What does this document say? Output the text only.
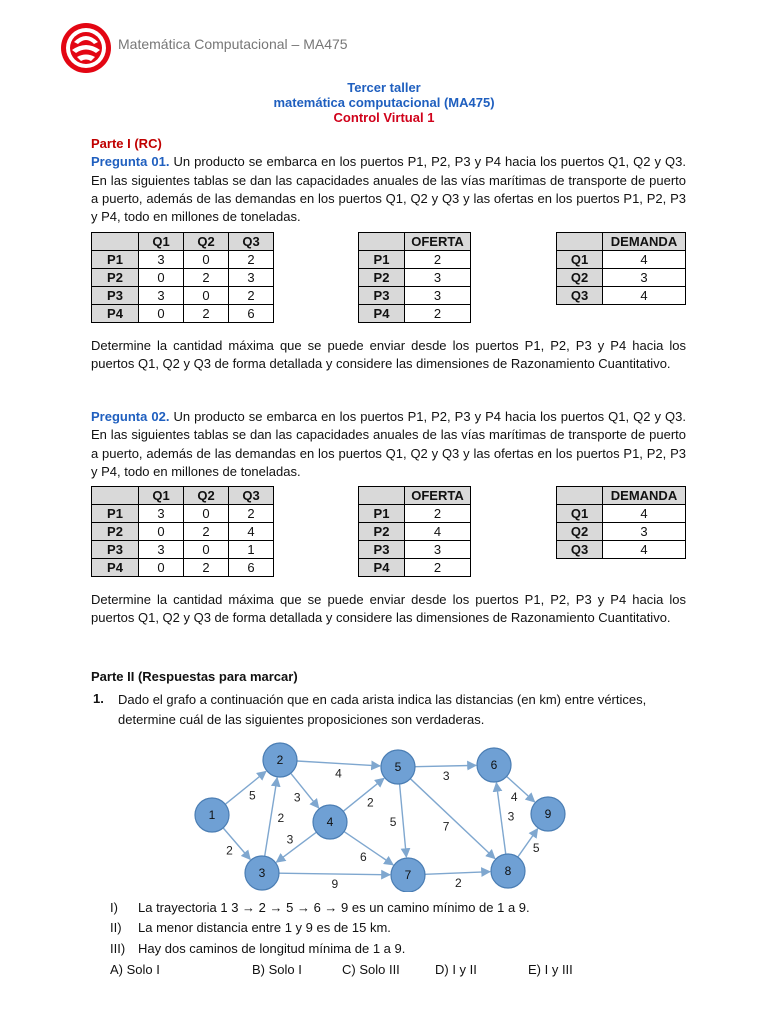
Matemática Computacional – MA475
Tercer taller
matemática computacional (MA475)
Control Virtual 1
Parte I (RC)
Pregunta 01. Un producto se embarca en los puertos P1, P2, P3 y P4 hacia los puertos Q1, Q2 y Q3. En las siguientes tablas se dan las capacidades anuales de las vías marítimas de transporte de puerto a puerto, además de las demandas en los puertos Q1, Q2 y Q3 y las ofertas en los puertos P1, P2, P3 y P4, todo en millones de toneladas.
	Q1	Q2	Q3
P1	3	0	2
P2	0	2	3
P3	3	0	2
P4	0	2	6
	OFERTA
P1	2
P2	3
P3	3
P4	2
	DEMANDA
Q1	4
Q2	3
Q3	4
Determine la cantidad máxima que se puede enviar desde los puertos P1, P2, P3 y P4 hacia los puertos Q1, Q2 y Q3 de forma detallada y considere las dimensiones de Razonamiento Cuantitativo.
Pregunta 02. Un producto se embarca en los puertos P1, P2, P3 y P4 hacia los puertos Q1, Q2 y Q3. En las siguientes tablas se dan las capacidades anuales de las vías marítimas de transporte de puerto a puerto, además de las demandas en los puertos Q1, Q2 y Q3 y las ofertas en los puertos P1, P2, P3 y P4, todo en millones de toneladas.
	Q1	Q2	Q3
P1	3	0	2
P2	0	2	4
P3	3	0	1
P4	0	2	6
	OFERTA
P1	2
P2	4
P3	3
P4	2
	DEMANDA
Q1	4
Q2	3
Q3	4
Determine la cantidad máxima que se puede enviar desde los puertos P1, P2, P3 y P4 hacia los puertos Q1, Q2 y Q3 de forma detallada y considere las dimensiones de Razonamiento Cuantitativo.
Parte II (Respuestas para marcar)
1.	Dado el grafo a continuación que en cada arista indica las distancias (en km) entre vértices, determine cuál de las siguientes proposiciones son verdaderas.
5
2
2
4
3	2
3
6
9
3
5	7
2
3
4
5
1
2
3
4
5	6
7	8
9
I) La trayectoria 1 3 → 2 → 5 → 6 → 9 es un camino mínimo de 1 a 9.
II) La menor distancia entre 1 y 9 es de 15 km.
III) Hay dos caminos de longitud mínima de 1 a 9.
A) Solo I	B) Solo I	C) Solo III	D) I y II	E) I y III
